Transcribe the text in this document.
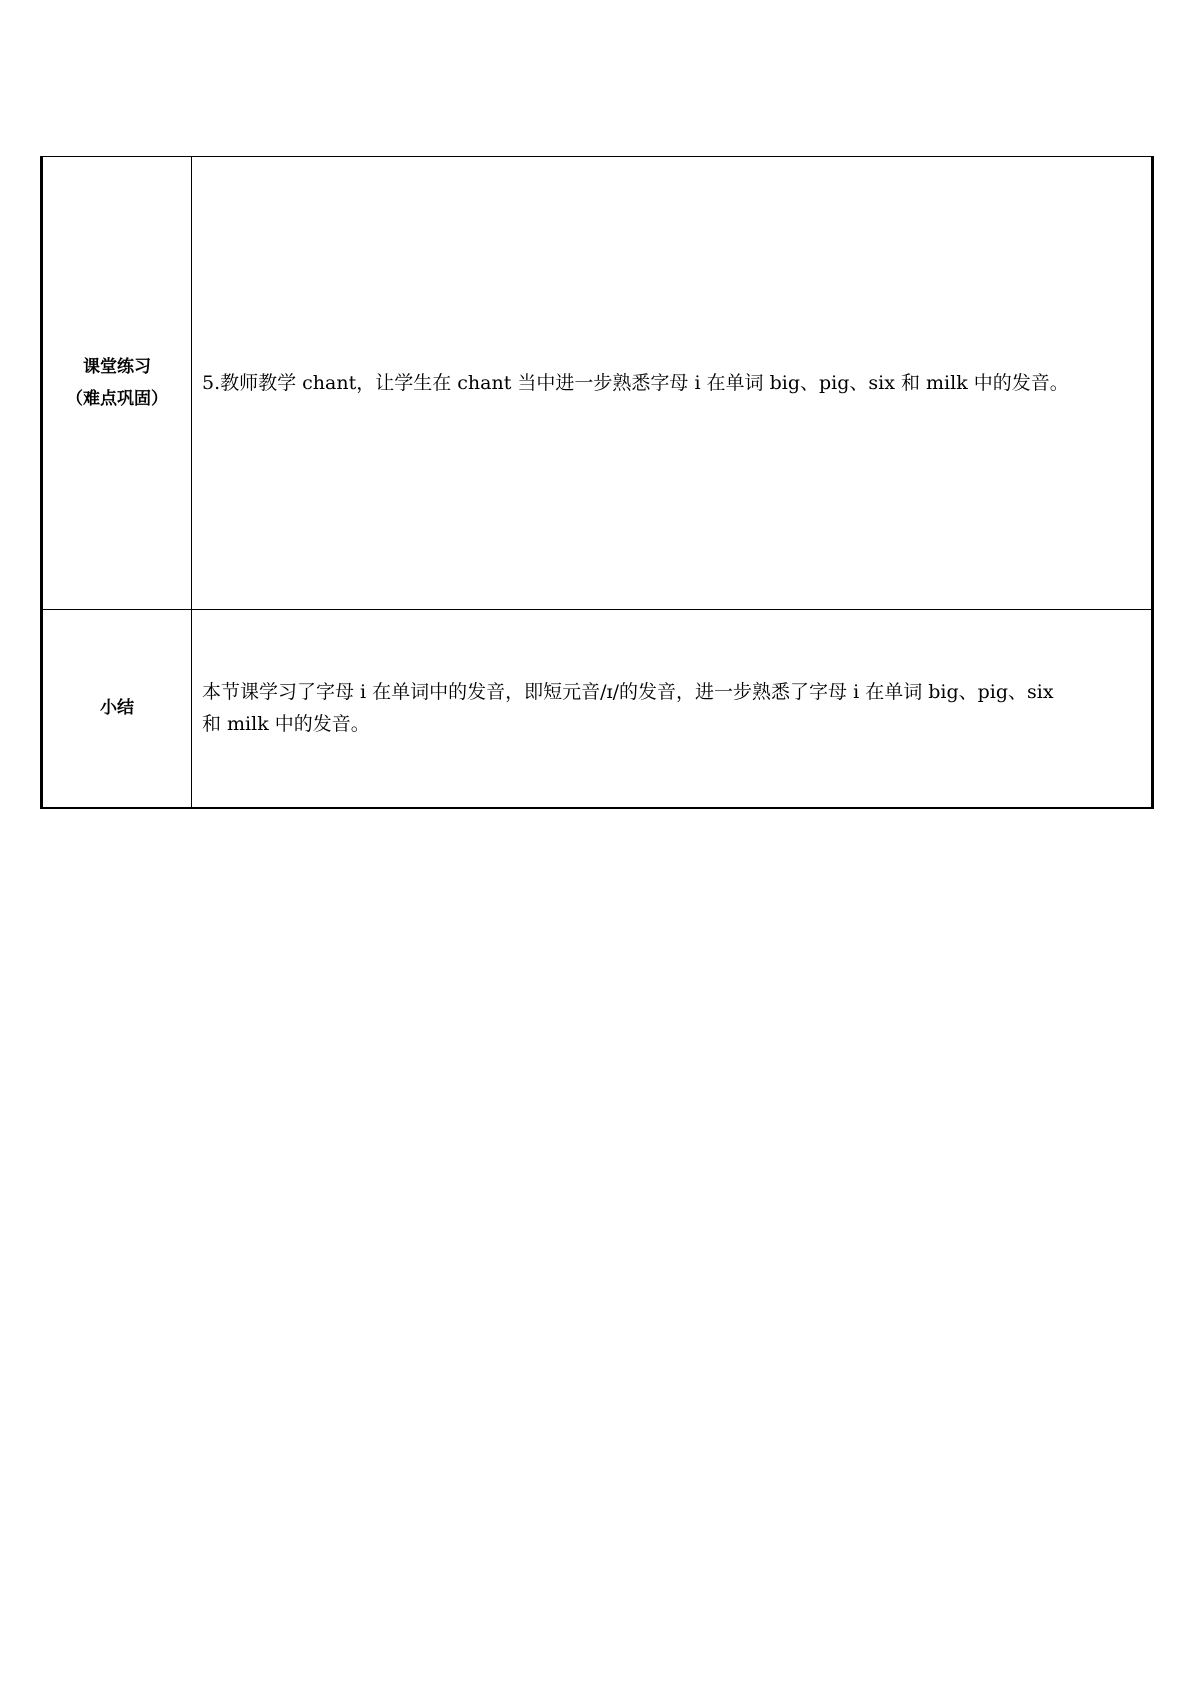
课堂练习
（难点巩固）	5.教师教学 chant，让学生在 chant 当中进一步熟悉字母 i 在单词 big、pig、six 和 milk 中的发音。

小结	本节课学习了字母 i 在单词中的发音，即短元音/ɪ/的发音，进一步熟悉了字母 i 在单词 big、pig、six
和 milk 中的发音。
